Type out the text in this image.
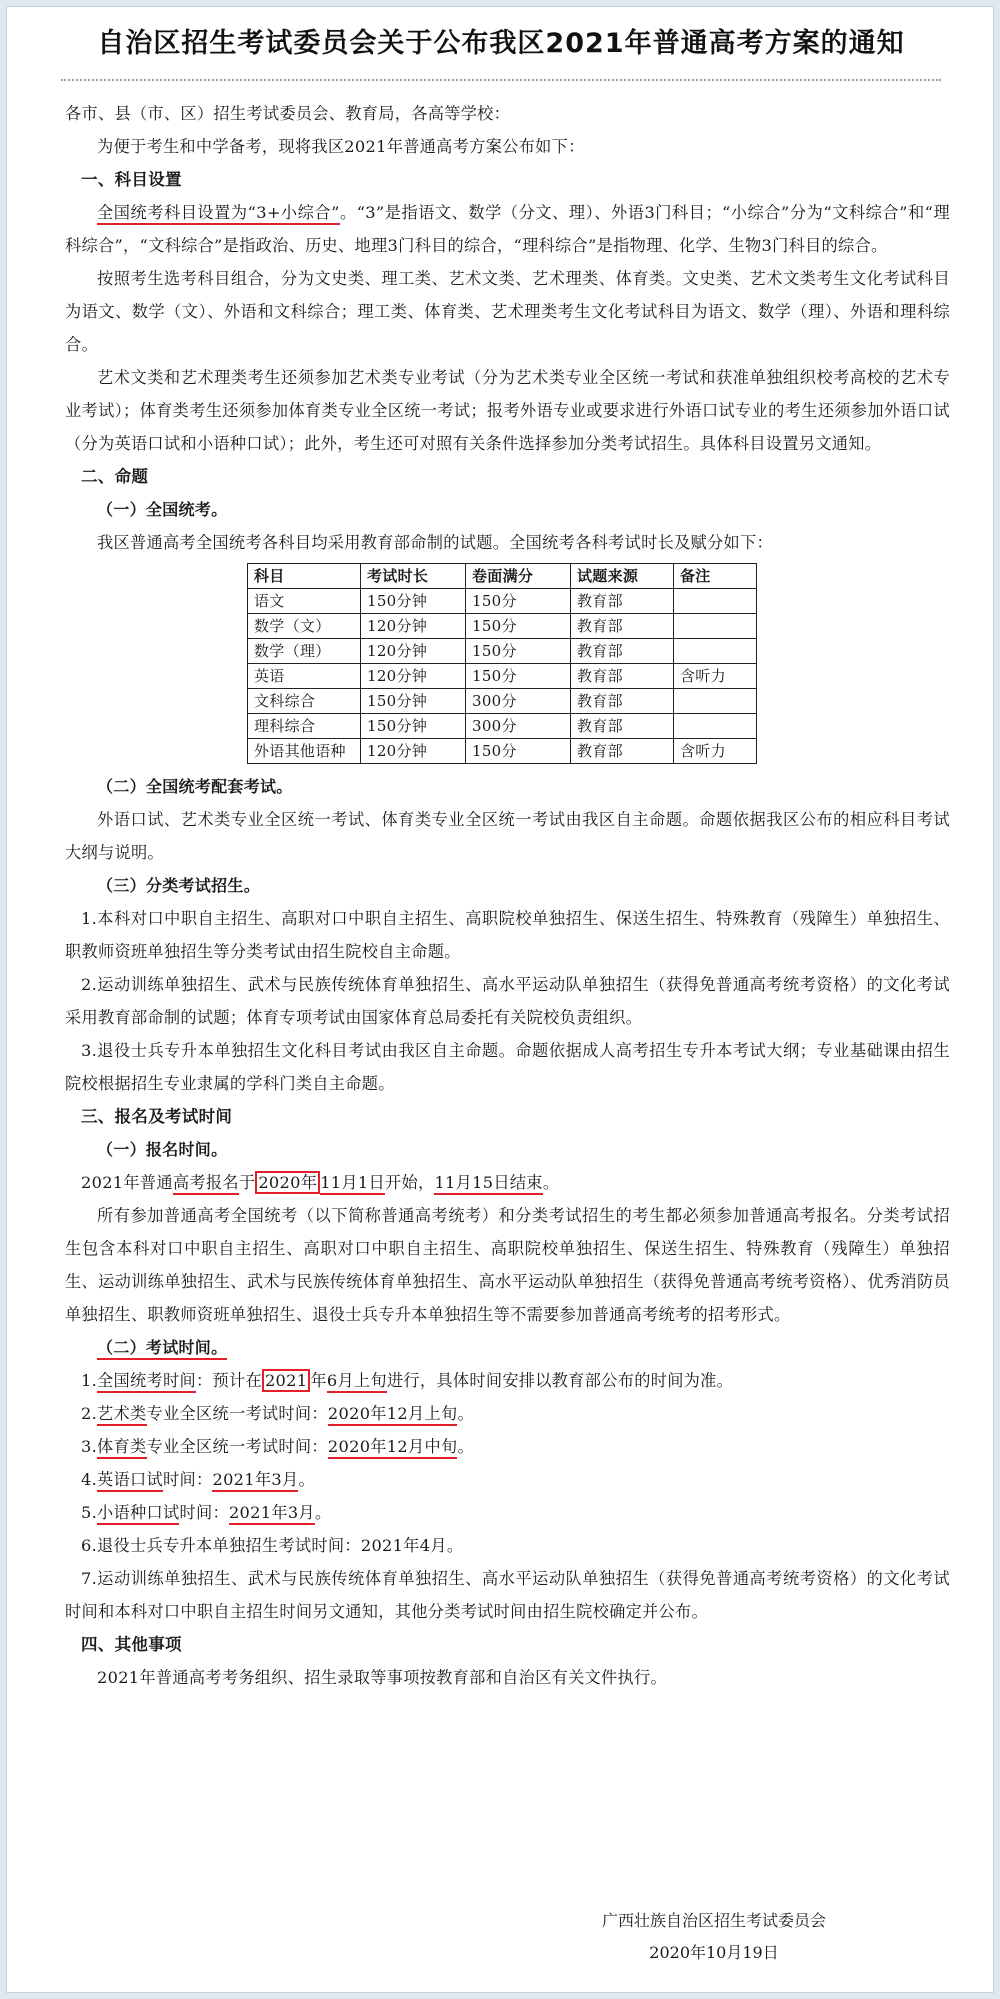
自治区招生考试委员会关于公布我区2021年普通高考方案的通知

各市、县（市、区）招生考试委员会、教育局，各高等学校：

为便于考生和中学备考，现将我区2021年普通高考方案公布如下：

一、科目设置

全国统考科目设置为“3+小综合”。“3”是指语文、数学（分文、理）、外语3门科目；“小综合”分为“文科综合”和“理科综合”，“文科综合”是指政治、历史、地理3门科目的综合，“理科综合”是指物理、化学、生物3门科目的综合。

按照考生选考科目组合，分为文史类、理工类、艺术文类、艺术理类、体育类。文史类、艺术文类考生文化考试科目为语文、数学（文）、外语和文科综合；理工类、体育类、艺术理类考生文化考试科目为语文、数学（理）、外语和理科综合。

艺术文类和艺术理类考生还须参加艺术类专业考试（分为艺术类专业全区统一考试和获准单独组织校考高校的艺术专业考试）；体育类考生还须参加体育类专业全区统一考试；报考外语专业或要求进行外语口试专业的考生还须参加外语口试（分为英语口试和小语种口试）；此外，考生还可对照有关条件选择参加分类考试招生。具体科目设置另文通知。

二、命题

（一）全国统考。

我区普通高考全国统考各科目均采用教育部命制的试题。全国统考各科考试时长及赋分如下：

科目	考试时长	卷面满分	试题来源	备注
语文	150分钟	150分	教育部	
数学（文）	120分钟	150分	教育部	
数学（理）	120分钟	150分	教育部	
英语	120分钟	150分	教育部	含听力
文科综合	150分钟	300分	教育部	
理科综合	150分钟	300分	教育部	
外语其他语种	120分钟	150分	教育部	含听力

（二）全国统考配套考试。

外语口试、艺术类专业全区统一考试、体育类专业全区统一考试由我区自主命题。命题依据我区公布的相应科目考试大纲与说明。

（三）分类考试招生。

1.本科对口中职自主招生、高职对口中职自主招生、高职院校单独招生、保送生招生、特殊教育（残障生）单独招生、职教师资班单独招生等分类考试由招生院校自主命题。

2.运动训练单独招生、武术与民族传统体育单独招生、高水平运动队单独招生（获得免普通高考统考资格）的文化考试采用教育部命制的试题；体育专项考试由国家体育总局委托有关院校负责组织。

3.退役士兵专升本单独招生文化科目考试由我区自主命题。命题依据成人高考招生专升本考试大纲；专业基础课由招生院校根据招生专业隶属的学科门类自主命题。

三、报名及考试时间

（一）报名时间。

2021年普通高考报名于 2020年 11月1日开始，11月15日结束。

所有参加普通高考全国统考（以下简称普通高考统考）和分类考试招生的考生都必须参加普通高考报名。分类考试招生包含本科对口中职自主招生、高职对口中职自主招生、高职院校单独招生、保送生招生、特殊教育（残障生）单独招生、运动训练单独招生、武术与民族传统体育单独招生、高水平运动队单独招生（获得免普通高考统考资格）、优秀消防员单独招生、职教师资班单独招生、退役士兵专升本单独招生等不需要参加普通高考统考的招考形式。

（二）考试时间。

1.全国统考时间：预计在 2021 年6月上旬进行，具体时间安排以教育部公布的时间为准。

2.艺术类专业全区统一考试时间：2020年12月上旬。

3.体育类专业全区统一考试时间：2020年12月中旬。

4.英语口试时间：2021年3月。

5.小语种口试时间：2021年3月。

6.退役士兵专升本单独招生考试时间：2021年4月。

7.运动训练单独招生、武术与民族传统体育单独招生、高水平运动队单独招生（获得免普通高考统考资格）的文化考试时间和本科对口中职自主招生时间另文通知，其他分类考试时间由招生院校确定并公布。

四、其他事项

2021年普通高考考务组织、招生录取等事项按教育部和自治区有关文件执行。

广西壮族自治区招生考试委员会
2020年10月19日
